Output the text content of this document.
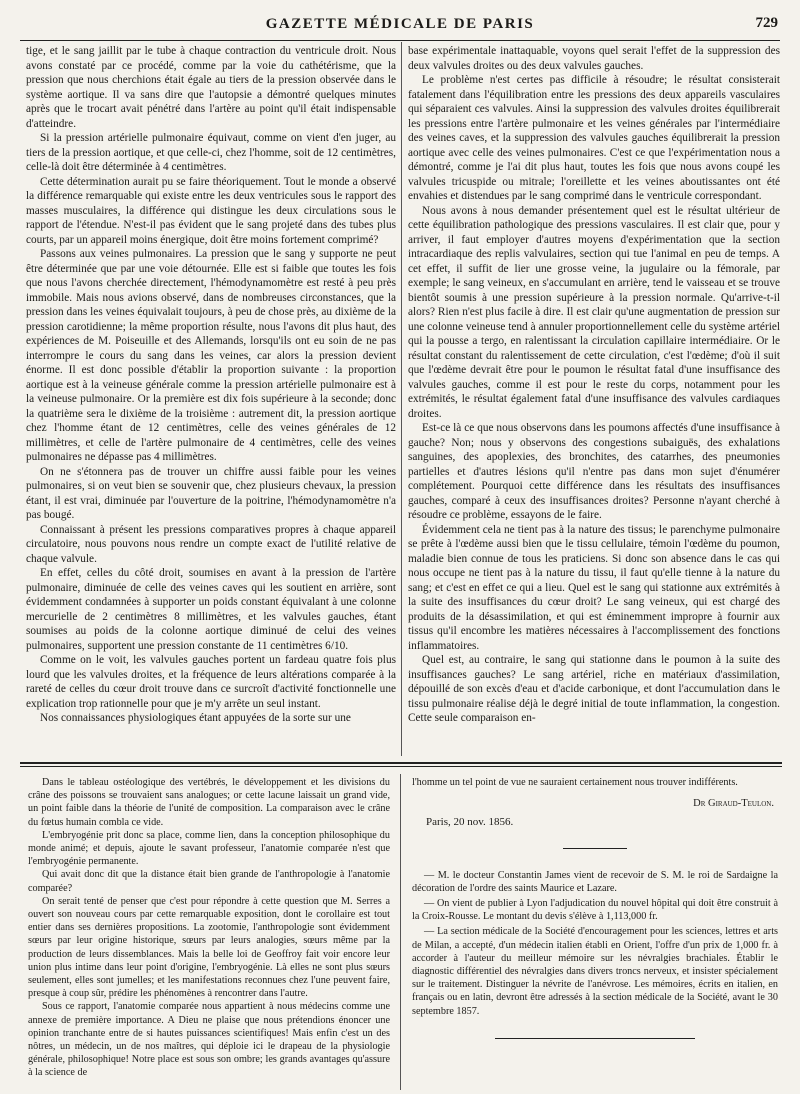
GAZETTE MÉDICALE DE PARIS	729

tige, et le sang jaillit par le tube à chaque contraction du ventricule droit. Nous avons constaté par ce procédé, comme par la voie du cathétérisme, que la pression que nous cherchions était égale au tiers de la pression observée dans le système aortique. Il va sans dire que l'autopsie a démontré quelques minutes après que le trocart avait pénétré dans l'artère au point qu'il était indispensable d'atteindre.

Si la pression artérielle pulmonaire équivaut, comme on vient d'en juger, au tiers de la pression aortique, et que celle-ci, chez l'homme, soit de 12 centimètres, celle-là doit être déterminée à 4 centimètres.

Cette détermination aurait pu se faire théoriquement. Tout le monde a observé la différence remarquable qui existe entre les deux ventricules sous le rapport des masses musculaires, la différence qui distingue les deux circulations sous le rapport de l'étendue. N'est-il pas évident que le sang projeté dans des tubes plus courts, par un appareil moins énergique, doit être moins fortement comprimé?

Passons aux veines pulmonaires. La pression que le sang y supporte ne peut être déterminée que par une voie détournée. Elle est si faible que toutes les fois que nous l'avons cherchée directement, l'hémodynamomètre est resté à peu près immobile. Mais nous avions observé, dans de nombreuses circonstances, que la pression dans les veines équivalait toujours, à peu de chose près, au dixième de la pression carotidienne; la même proportion résulte, nous l'avons dit plus haut, des expériences de M. Poiseuille et des Allemands, lorsqu'ils ont eu soin de ne pas interrompre le cours du sang dans les veines, car alors la pression devient énorme. Il est donc possible d'établir la proportion suivante : la proportion aortique est à la veineuse générale comme la pression artérielle pulmonaire est à la veineuse pulmonaire. Or la première est dix fois supérieure à la seconde; donc la quatrième sera le dixième de la troisième : autrement dit, la pression aortique chez l'homme étant de 12 centimètres, celle des veines générales de 12 millimètres, et celle de l'artère pulmonaire de 4 centimètres, celle des veines pulmonaires ne dépasse pas 4 millimètres.

On ne s'étonnera pas de trouver un chiffre aussi faible pour les veines pulmonaires, si on veut bien se souvenir que, chez plusieurs chevaux, la pression étant, il est vrai, diminuée par l'ouverture de la poitrine, l'hémodynamomètre n'a pas bougé.

Connaissant à présent les pressions comparatives propres à chaque appareil circulatoire, nous pouvons nous rendre un compte exact de l'utilité relative de chaque valvule.

En effet, celles du côté droit, soumises en avant à la pression de l'artère pulmonaire, diminuée de celle des veines caves qui les soutient en arrière, sont évidemment condamnées à supporter un poids constant équivalant à une colonne mercurielle de 2 centimètres 8 millimètres, et les valvules gauches, étant soumises au poids de la colonne aortique diminué de celui des veines pulmonaires, supportent une pression constante de 11 centimètres 6/10.

Comme on le voit, les valvules gauches portent un fardeau quatre fois plus lourd que les valvules droites, et la fréquence de leurs altérations comparée à la rareté de celles du cœur droit trouve dans ce surcroît d'activité fonctionnelle une explication trop rationnelle pour que je m'y arrête un seul instant.

Nos connaissances physiologiques étant appuyées de la sorte sur une

base expérimentale inattaquable, voyons quel serait l'effet de la suppression des deux valvules droites ou des deux valvules gauches.

Le problème n'est certes pas difficile à résoudre; le résultat consisterait fatalement dans l'équilibration entre les pressions des deux appareils vasculaires qui séparaient ces valvules. Ainsi la suppression des valvules droites équilibrerait les pressions entre l'artère pulmonaire et les veines générales par l'intermédiaire des veines caves, et la suppression des valvules gauches équilibrerait la pression aortique avec celle des veines pulmonaires. C'est ce que l'expérimentation nous a démontré, comme je l'ai dit plus haut, toutes les fois que nous avons coupé les valvules tricuspide ou mitrale; l'oreillette et les veines aboutissantes ont été envahies et distendues par le sang comprimé dans le ventricule correspondant.

Nous avons à nous demander présentement quel est le résultat ultérieur de cette équilibration pathologique des pressions vasculaires. Il est clair que, pour y arriver, il faut employer d'autres moyens d'expérimentation que la section intracardiaque des replis valvulaires, section qui tue l'animal en peu de temps. A cet effet, il suffit de lier une grosse veine, la jugulaire ou la fémorale, par exemple; le sang veineux, en s'accumulant en arrière, tend le vaisseau et se trouve bientôt soumis à une pression supérieure à la pression normale. Qu'arrive-t-il alors? Rien n'est plus facile à dire. Il est clair qu'une augmentation de pression sur une colonne veineuse tend à annuler proportionnellement celle du système artériel qui la pousse a tergo, en ralentissant la circulation capillaire intermédiaire. Or le résultat constant du ralentissement de cette circulation, c'est l'œdème; d'où il suit que l'œdème devrait être pour le poumon le résultat fatal d'une insuffisance des valvules gauches, comme il est pour le reste du corps, notamment pour les extrémités, le résultat également fatal d'une insuffisance des valvules cardiaques droites.

Est-ce là ce que nous observons dans les poumons affectés d'une insuffisance à gauche? Non; nous y observons des congestions subaiguës, des exhalations sanguines, des apoplexies, des bronchites, des catarrhes, des pneumonies partielles et d'autres lésions qu'il n'entre pas dans mon sujet d'énumérer complétement. Pourquoi cette différence dans les résultats des insuffisances gauches, comparé à ceux des insuffisances droites? Personne n'ayant cherché à résoudre ce problème, essayons de le faire.

Évidemment cela ne tient pas à la nature des tissus; le parenchyme pulmonaire se prête à l'œdème aussi bien que le tissu cellulaire, témoin l'œdème du poumon, maladie bien connue de tous les praticiens. Si donc son absence dans le cas qui nous occupe ne tient pas à la nature du tissu, il faut qu'elle tienne à la nature du sang; et c'est en effet ce qui a lieu. Quel est le sang qui stationne aux extrémités à la suite des insuffisances du cœur droit? Le sang veineux, qui est chargé des produits de la désassimilation, et qui est éminemment impropre à fournir aux tissus qu'il encombre les matières nécessaires à l'accomplissement des fonctions inflammatoires.

Quel est, au contraire, le sang qui stationne dans le poumon à la suite des insuffisances gauches? Le sang artériel, riche en matériaux d'assimilation, dépouillé de son excès d'eau et d'acide carbonique, et dont l'accumulation dans le tissu pulmonaire réalise déjà le degré initial de toute inflammation, la congestion. Cette seule comparaison en-

Dans le tableau ostéologique des vertébrés, le développement et les divisions du crâne des poissons se trouvaient sans analogues; or cette lacune laissait un grand vide, un point faible dans la théorie de l'unité de composition. La comparaison avec le crâne du fœtus humain combla ce vide.

L'embryogénie prit donc sa place, comme lien, dans la conception philosophique du monde animé; et depuis, ajoute le savant professeur, l'anatomie comparée n'est que l'embryogénie permanente.

Qui avait donc dit que la distance était bien grande de l'anthropologie à l'anatomie comparée?

On serait tenté de penser que c'est pour répondre à cette question que M. Serres a ouvert son nouveau cours par cette remarquable exposition, dont le corollaire est tout entier dans ses dernières propositions. La zootomie, l'anthropologie sont évidemment sœurs par leur origine historique, sœurs par leurs analogies, sœurs même par la production de leurs dissemblances. Mais la belle loi de Geoffroy fait voir encore leur union plus intime dans leur point d'origine, l'embryogénie. Là elles ne sont plus sœurs seulement, elles sont jumelles; et les manifestations reconnues chez l'une peuvent faire, presque à coup sûr, prédire les phénomènes à rencontrer dans l'autre.

Sous ce rapport, l'anatomie comparée nous appartient à nous médecins comme une annexe de première importance. A Dieu ne plaise que nous prétendions énoncer une opinion tranchante entre de si hautes puissances scientifiques! Mais enfin c'est un des nôtres, un médecin, un de nos maîtres, qui déploie ici le drapeau de la physiologie générale, philosophique! Notre place est sous son ombre; les grands avantages qu'assure à la science de

l'homme un tel point de vue ne sauraient certainement nous trouver indifférents.

Dr Giraud-Teulon.

Paris, 20 nov. 1856.

— M. le docteur Constantin James vient de recevoir de S. M. le roi de Sardaigne la décoration de l'ordre des saints Maurice et Lazare.

— On vient de publier à Lyon l'adjudication du nouvel hôpital qui doit être construit à la Croix-Rousse. Le montant du devis s'élève à 1,113,000 fr.

— La section médicale de la Société d'encouragement pour les sciences, lettres et arts de Milan, a accepté, d'un médecin italien établi en Orient, l'offre d'un prix de 1,000 fr. à accorder à l'auteur du meilleur mémoire sur les névralgies brachiales. Établir le diagnostic différentiel des névralgies dans divers troncs nerveux, et insister spécialement sur le traitement. Distinguer la névrite de l'anévrose. Les mémoires, écrits en italien, en français ou en latin, devront être adressés à la section médicale de la Société, avant le 30 septembre 1857.
